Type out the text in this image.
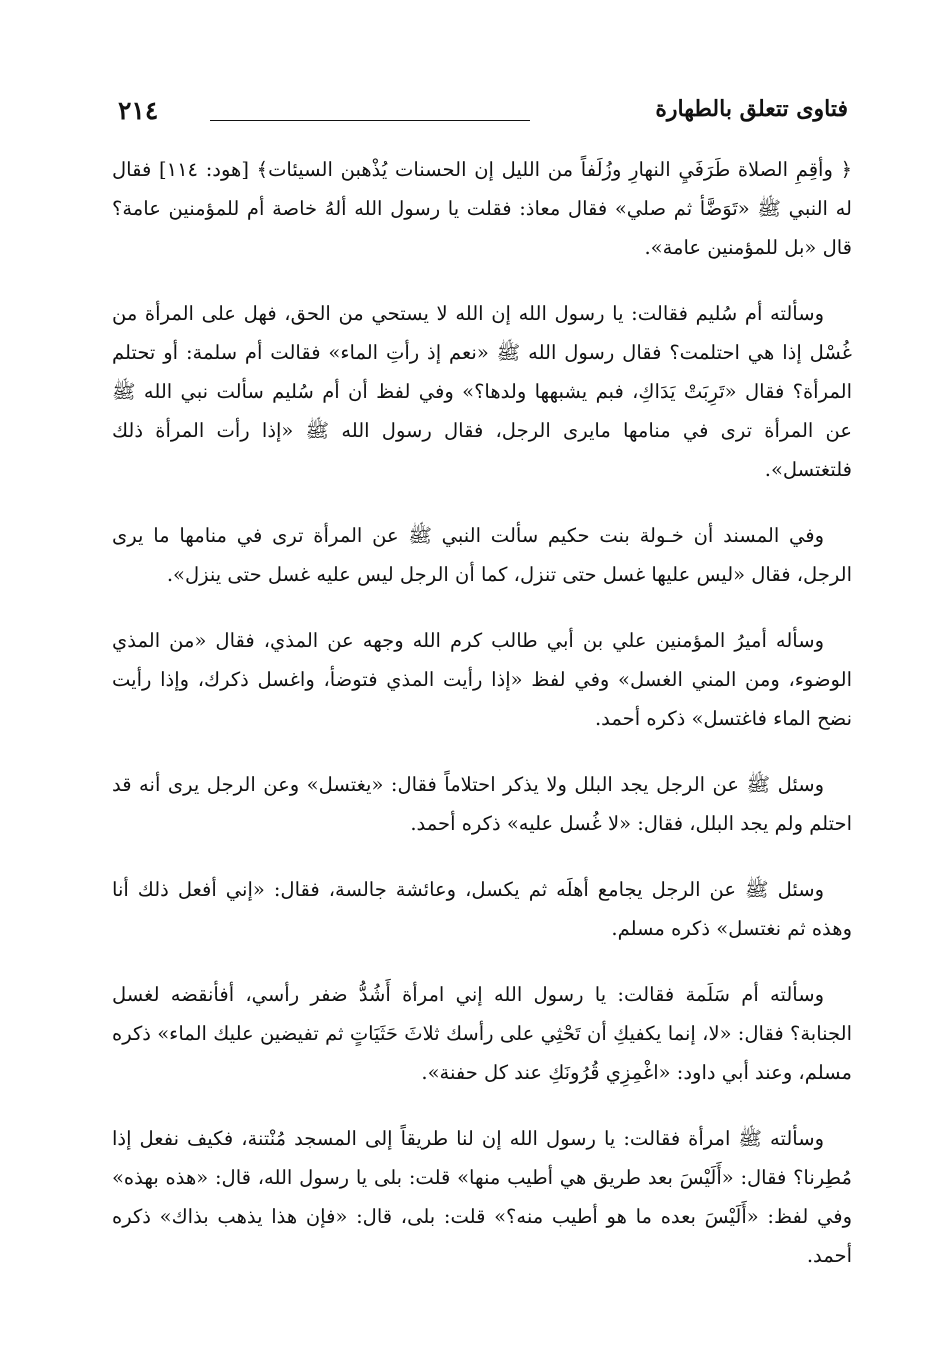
٢١٤	فتاوى تتعلق بالطهارة

﴿ وأقِمِ الصلاة طَرَفَيِ النهارِ وزُلَفاً من الليل إن الحسنات يُذْهبن السيئات﴾ [هود: ١١٤] فقال له النبي ﷺ «تَوَضَّأ ثم صلي» فقال معاذ: فقلت يا رسول الله ألهُ خاصة أم للمؤمنين عامة؟ قال «بل للمؤمنين عامة».

وسألته أم سُليم فقالت: يا رسول الله إن الله لا يستحي من الحق، فهل على المرأة من غُسْل إذا هي احتلمت؟ فقال رسول الله ﷺ «نعم إذ رأتِ الماء» فقالت أم سلمة: أو تحتلم المرأة؟ فقال «تَرِبَتْ يَدَاكِ، فبم يشبهها ولدها؟» وفي لفظ أن أم سُليم سألت نبي الله ﷺ عن المرأة ترى في منامها مايرى الرجل، فقال رسول الله ﷺ «إذا رأت المرأة ذلك فلتغتسل».

وفي المسند أن خـولة بنت حكيم سألت النبي ﷺ عن المرأة ترى في منامها ما يرى الرجل، فقال «ليس عليها غسل حتى تنزل، كما أن الرجل ليس عليه غسل حتى ينزل».

وسأله أميرُ المؤمنين علي بن أبي طالب كرم الله وجهه عن المذي، فقال «من المذي الوضوء، ومن المني الغسل» وفي لفظ «إذا رأيت المذي فتوضأ، واغسل ذكرك، وإذا رأيت نضح الماء فاغتسل» ذكره أحمد.

وسئل ﷺ عن الرجل يجد البلل ولا يذكر احتلاماً فقال: «يغتسل» وعن الرجل يرى أنه قد احتلم ولم يجد البلل، فقال: «لا غُسل عليه» ذكره أحمد.

وسئل ﷺ عن الرجل يجامع أهلَه ثم يكسل، وعائشة جالسة، فقال: «إني أفعل ذلك أنا وهذه ثم نغتسل» ذكره مسلم.

وسألته أم سَلَمة فقالت: يا رسول الله إني امرأة أَشُدُّ ضفر رأسي، أفأنقضه لغسل الجنابة؟ فقال: «لا، إنما يكفيكِ أن تَحْثِي على رأسك ثلاثَ حَثَيَاتٍ ثم تفيضين عليك الماء» ذكره مسلم، وعند أبي داود: «اغْمِزِي قُرُونَكِ عند كل حفنة».

وسألته ﷺ امرأة فقالت: يا رسول الله إن لنا طريقاً إلى المسجد مُنْتنة، فكيف نفعل إذا مُطِرنا؟ فقال: «أَلَيْسَ بعد طريق هي أطيب منها» قلت: بلى يا رسول الله، قال: «هذه بهذه» وفي لفظ: «أَلَيْسَ بعده ما هو أطيب منه؟» قلت: بلى، قال: «فإن هذا يذهب بذاك» ذكره أحمد.
